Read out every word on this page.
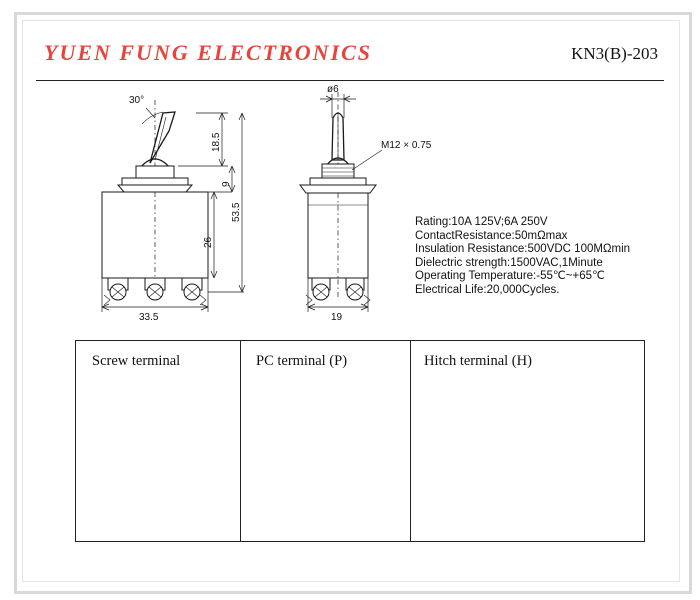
YUEN FUNG ELECTRONICS	KN3(B)-203
30°
18.5
9
53.5
26
33.5
ø6
M12 × 0.75
19
Rating:10A 125V;6A 250V
ContactResistance:50mΩmax
Insulation Resistance:500VDC 100MΩmin
Dielectric strength:1500VAC,1Minute
Operating Temperature:-55℃~+65℃
Electrical Life:20,000Cycles.
Screw terminal	PC terminal (P)	Hitch terminal (H)
